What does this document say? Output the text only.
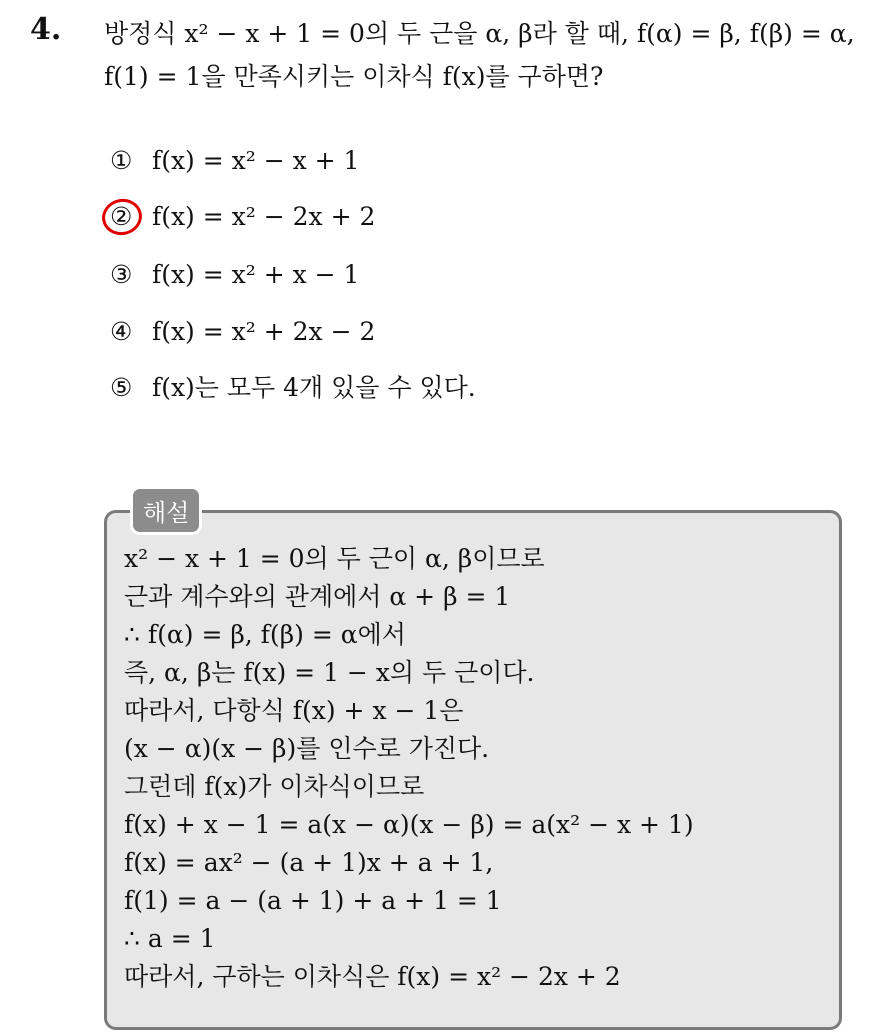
4. 방정식 x² − x + 1 = 0의 두 근을 α, β라 할 때, f(α) = β, f(β) = α, f(1) = 1을 만족시키는 이차식 f(x)를 구하면?
① f(x) = x² − x + 1
② f(x) = x² − 2x + 2
③ f(x) = x² + x − 1
④ f(x) = x² + 2x − 2
⑤ f(x)는 모두 4개 있을 수 있다.
해설
x² − x + 1 = 0의 두 근이 α, β이므로
근과 계수와의 관계에서 α + β = 1
∴ f(α) = β, f(β) = α에서
즉, α, β는 f(x) = 1 − x의 두 근이다.
따라서, 다항식 f(x) + x − 1은
(x − α)(x − β)를 인수로 가진다.
그런데 f(x)가 이차식이므로
f(x) + x − 1 = a(x − α)(x − β) = a(x² − x + 1)
f(x) = ax² − (a + 1)x + a + 1,
f(1) = a − (a + 1) + a + 1 = 1
∴ a = 1
따라서, 구하는 이차식은 f(x) = x² − 2x + 2
